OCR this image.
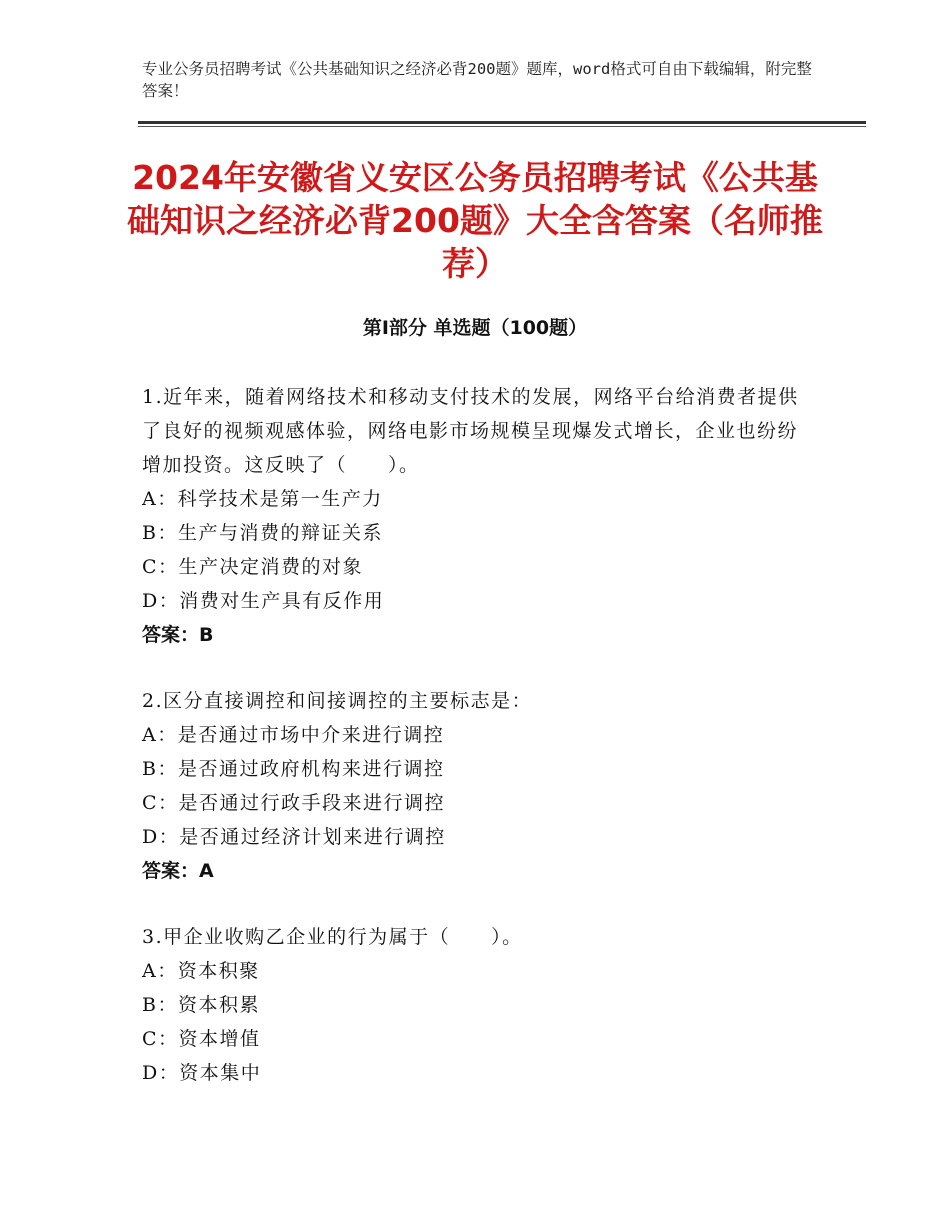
专业公务员招聘考试《公共基础知识之经济必背200题》题库，word格式可自由下载编辑，附完整答案！
2024年安徽省义安区公务员招聘考试《公共基础知识之经济必背200题》大全含答案（名师推荐）
第I部分 单选题（100题）
1.近年来，随着网络技术和移动支付技术的发展，网络平台给消费者提供了良好的视频观感体验，网络电影市场规模呈现爆发式增长，企业也纷纷增加投资。这反映了（　　）。
A：科学技术是第一生产力
B：生产与消费的辩证关系
C：生产决定消费的对象
D：消费对生产具有反作用
答案：B
2.区分直接调控和间接调控的主要标志是：
A：是否通过市场中介来进行调控
B：是否通过政府机构来进行调控
C：是否通过行政手段来进行调控
D：是否通过经济计划来进行调控
答案：A
3.甲企业收购乙企业的行为属于（　　）。
A：资本积聚
B：资本积累
C：资本增值
D：资本集中
